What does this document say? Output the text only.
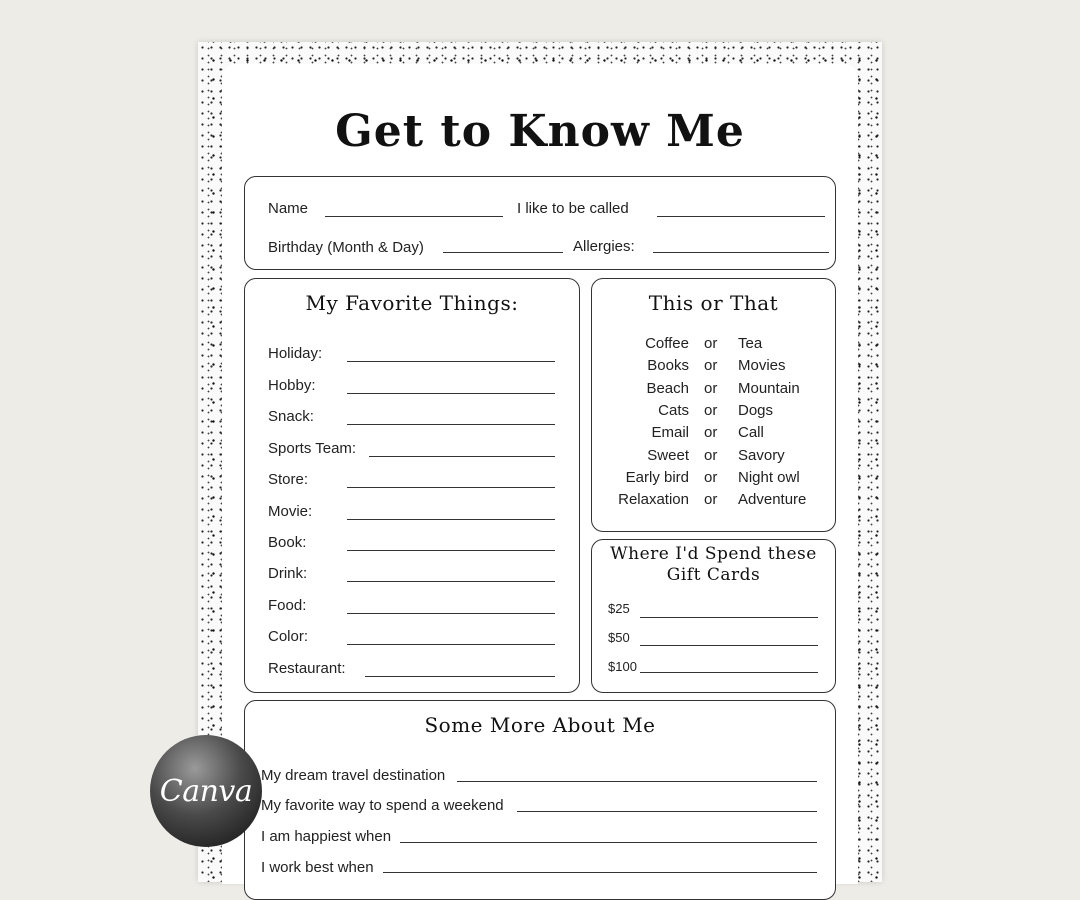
Get to Know Me
Name	I like to be called
Birthday (Month & Day)	Allergies:
My Favorite Things:
Holiday:
Hobby:
Snack:
Sports Team:
Store:
Movie:
Book:
Drink:
Food:
Color:
Restaurant:
This or That
Coffee or Tea
Books or Movies
Beach or Mountain
Cats or Dogs
Email or Call
Sweet or Savory
Early bird or Night owl
Relaxation or Adventure
Where I'd Spend these
Gift Cards
$25
$50
$100
Some More About Me
My dream travel destination
My favorite way to spend a weekend
I am happiest when
I work best when
Canva
